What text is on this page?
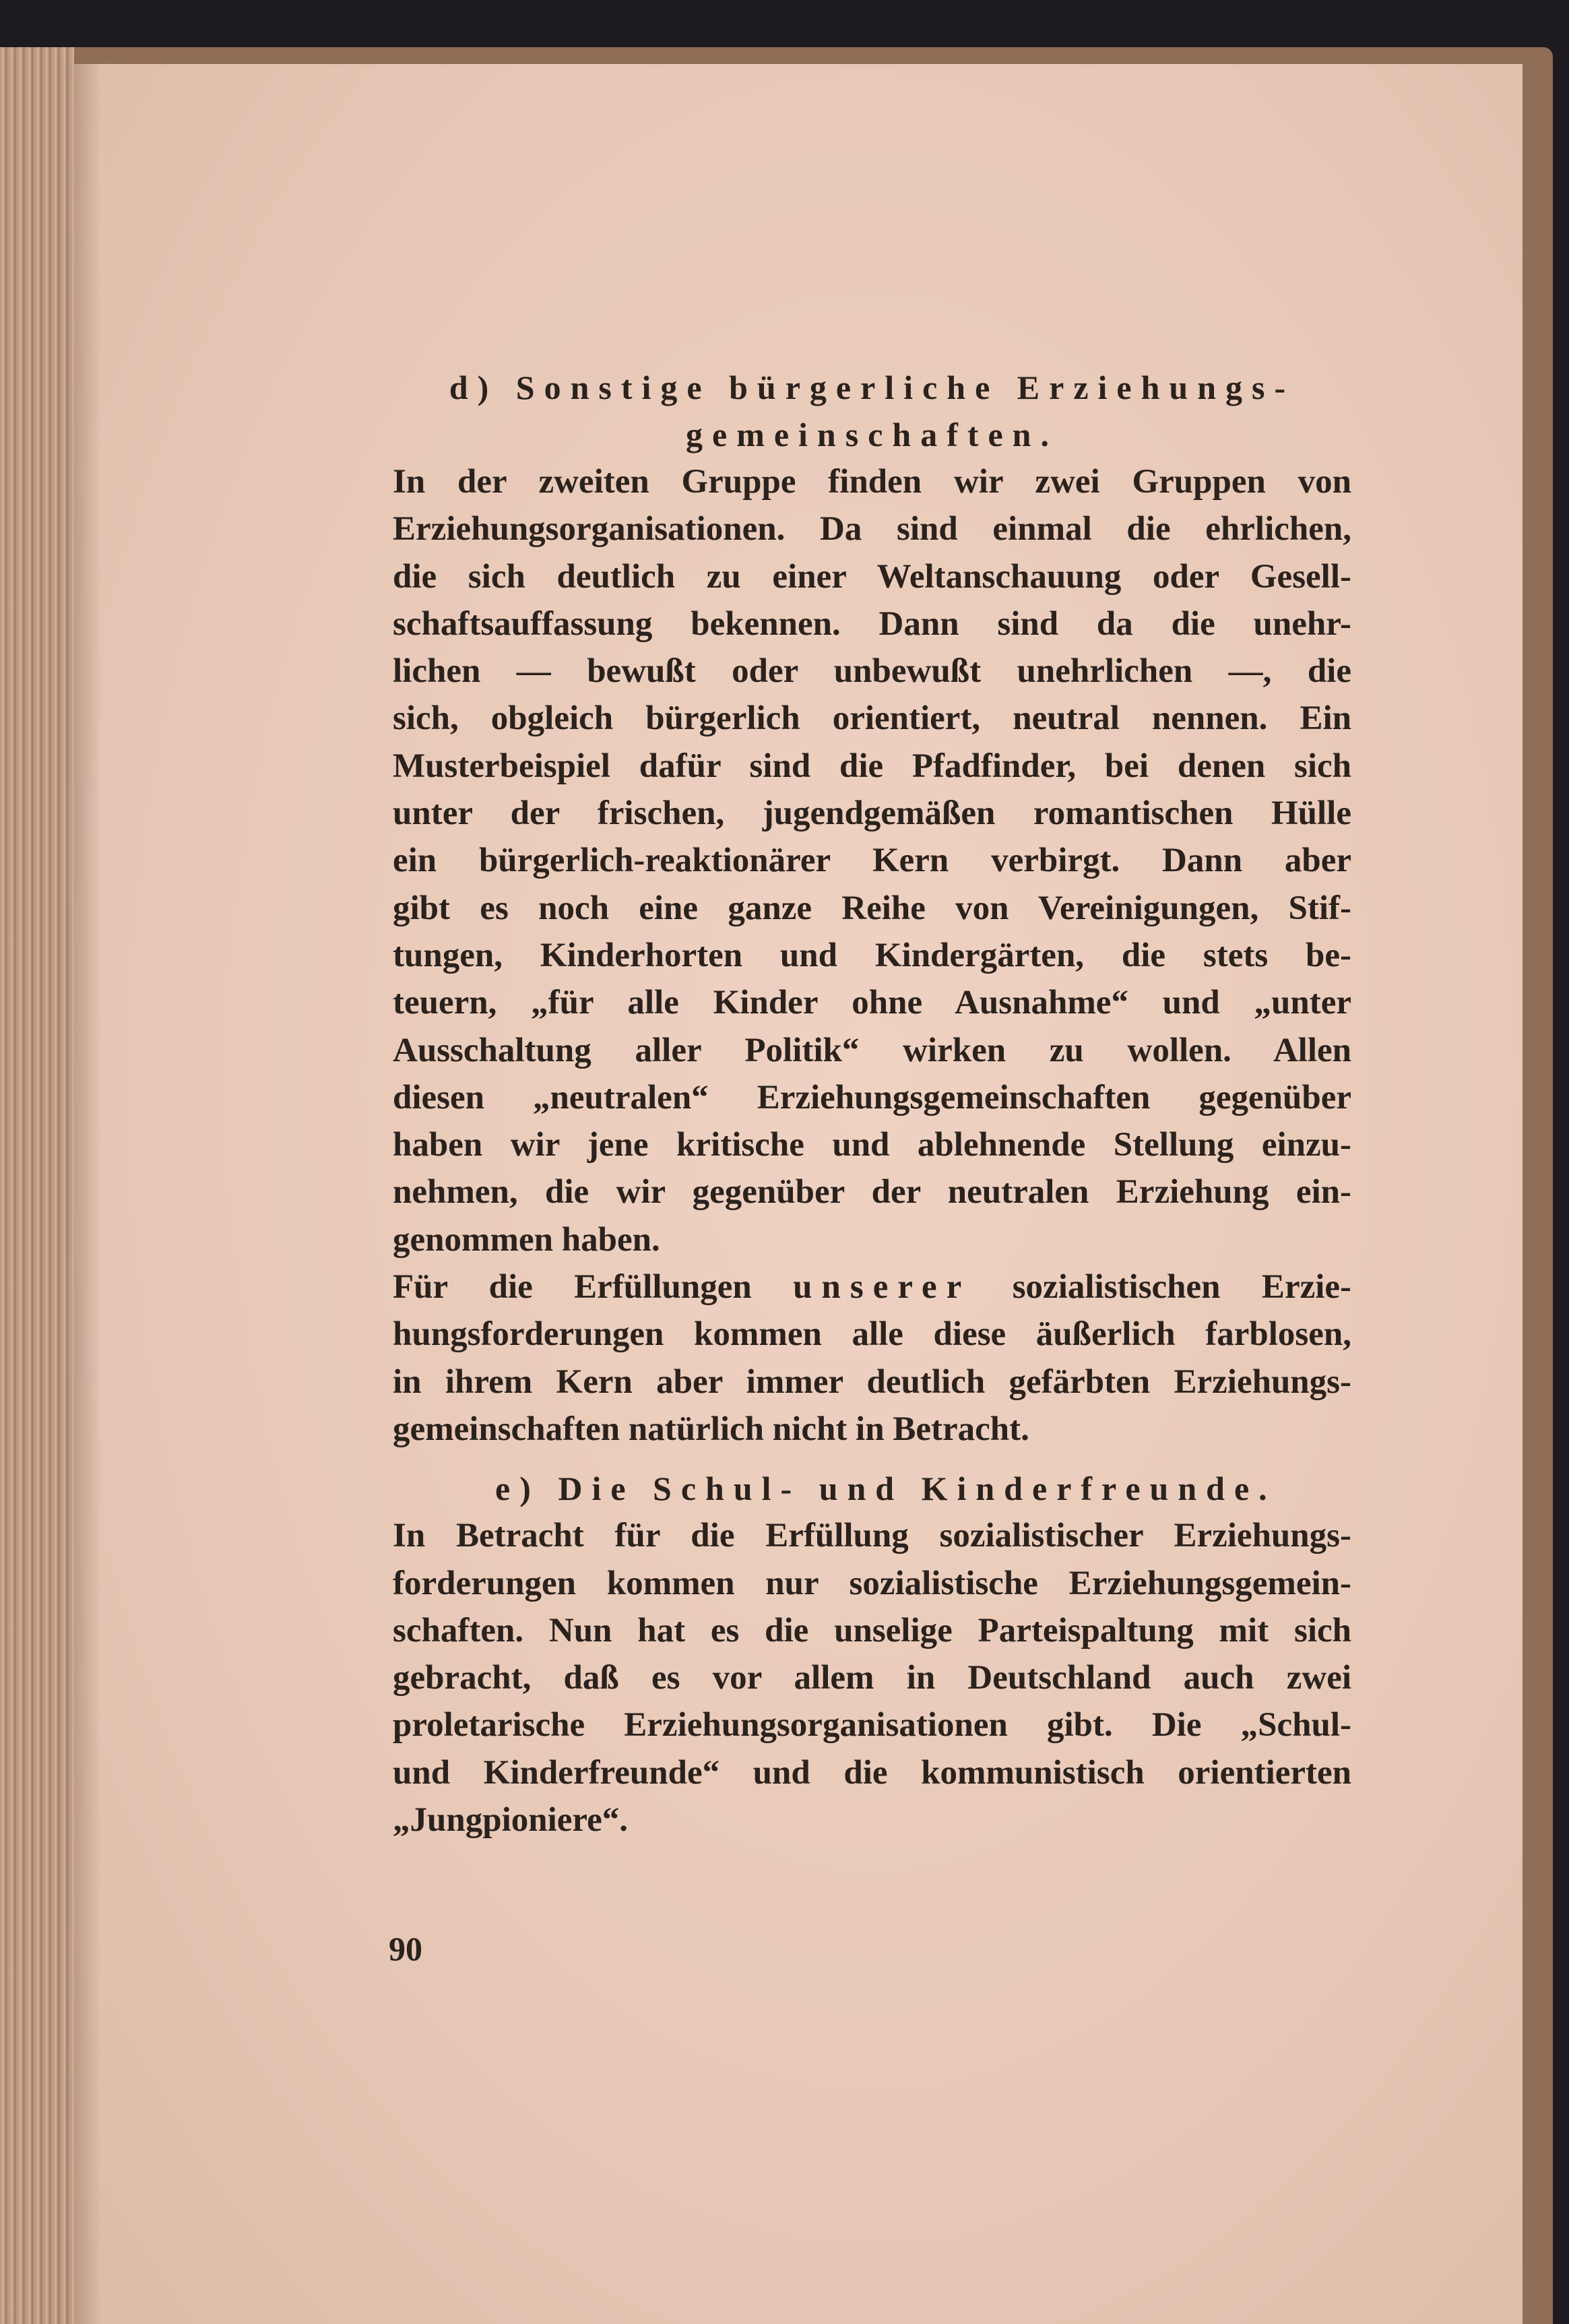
d) Sonstige bürgerliche Erziehungs-
gemeinschaften.

In der zweiten Gruppe finden wir zwei Gruppen von
Erziehungsorganisationen. Da sind einmal die ehrlichen,
die sich deutlich zu einer Weltanschauung oder Gesell-
schaftsauffassung bekennen. Dann sind da die unehr-
lichen — bewußt oder unbewußt unehrlichen —, die
sich, obgleich bürgerlich orientiert, neutral nennen. Ein
Musterbeispiel dafür sind die Pfadfinder, bei denen sich
unter der frischen, jugendgemäßen romantischen Hülle
ein bürgerlich-reaktionärer Kern verbirgt. Dann aber
gibt es noch eine ganze Reihe von Vereinigungen, Stif-
tungen, Kinderhorten und Kindergärten, die stets be-
teuern, „für alle Kinder ohne Ausnahme“ und „unter
Ausschaltung aller Politik“ wirken zu wollen. Allen
diesen „neutralen“ Erziehungsgemeinschaften gegenüber
haben wir jene kritische und ablehnende Stellung einzu-
nehmen, die wir gegenüber der neutralen Erziehung ein-
genommen haben.

Für die Erfüllungen unserer sozialistischen Erzie-
hungsforderungen kommen alle diese äußerlich farblosen,
in ihrem Kern aber immer deutlich gefärbten Erziehungs-
gemeinschaften natürlich nicht in Betracht.

e) Die Schul- und Kinderfreunde.

In Betracht für die Erfüllung sozialistischer Erziehungs-
forderungen kommen nur sozialistische Erziehungsgemein-
schaften. Nun hat es die unselige Parteispaltung mit sich
gebracht, daß es vor allem in Deutschland auch zwei
proletarische Erziehungsorganisationen gibt. Die „Schul-
und Kinderfreunde“ und die kommunistisch orientierten
„Jungpioniere“.

90
